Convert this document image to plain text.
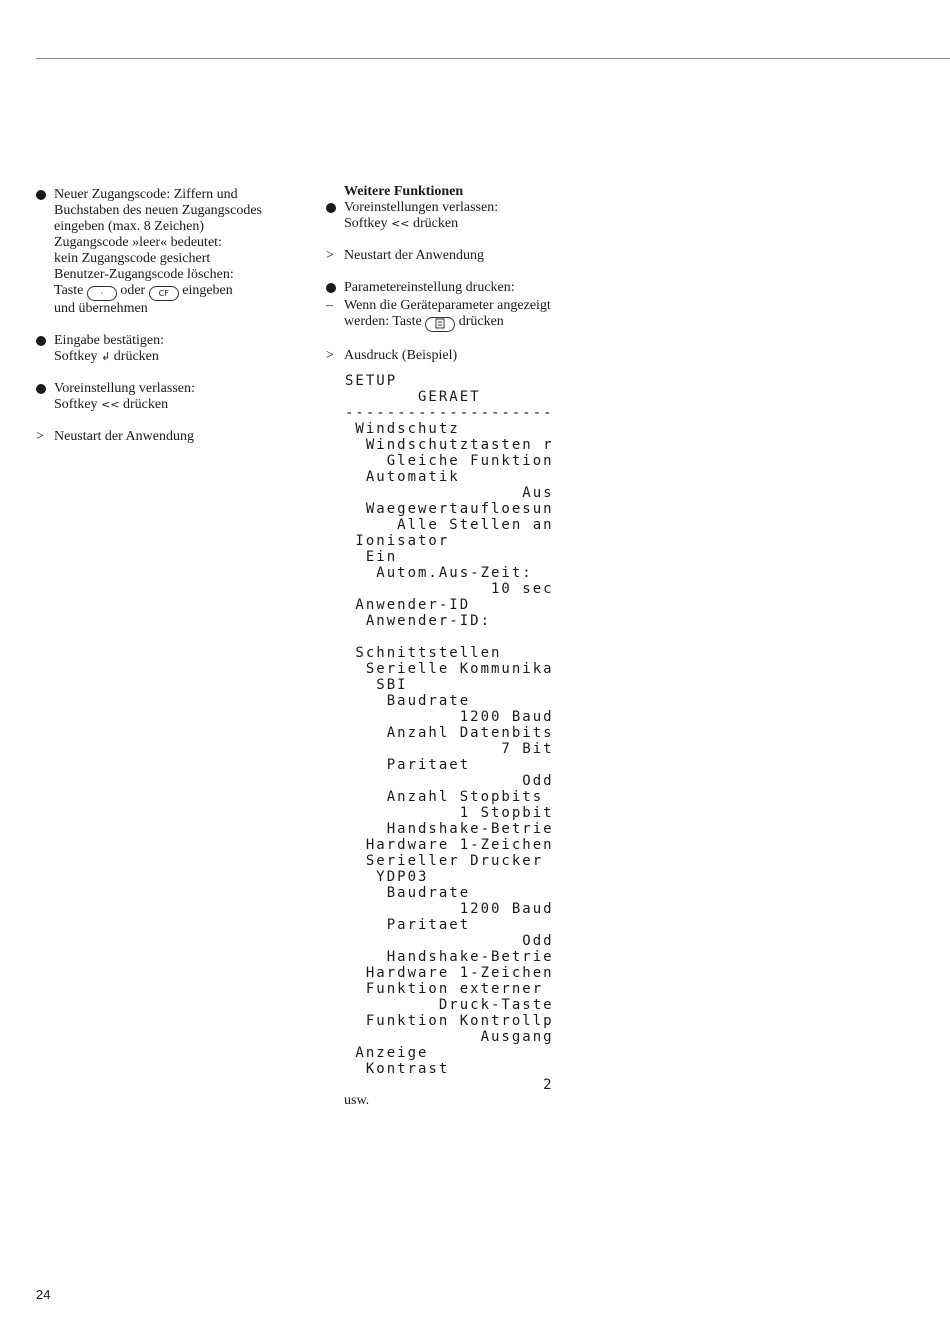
Neuer Zugangscode: Ziffern und
Buchstaben des neuen Zugangscodes
eingeben (max. 8 Zeichen)
Zugangscode »leer« bedeutet:
kein Zugangscode gesichert
Benutzer-Zugangscode löschen:
Taste · oder CF eingeben
und übernehmen
Eingabe bestätigen:
Softkey ↲ drücken
Voreinstellung verlassen:
Softkey << drücken
> Neustart der Anwendung
Weitere Funktionen
Voreinstellungen verlassen:
Softkey << drücken
> Neustart der Anwendung
Parametereinstellung drucken:
– Wenn die Geräteparameter angezeigt
werden: Taste	drücken
> Ausdruck (Beispiel)
SETUP
GERAET
--------------------
Windschutz
Windschutztasten r
Gleiche Funktion
Automatik
Aus
Waegewertaufloesun
Alle Stellen an
Ionisator
Ein
Autom.Aus-Zeit:
10 sec
Anwender-ID
Anwender-ID:

Schnittstellen
Serielle Kommunika
SBI
Baudrate
1200 Baud
Anzahl Datenbits
7 Bit
Paritaet
Odd
Anzahl Stopbits
1 Stopbit
Handshake-Betrie
Hardware 1-Zeichen
Serieller Drucker
YDP03
Baudrate
1200 Baud
Paritaet
Odd
Handshake-Betrie
Hardware 1-Zeichen
Funktion externer
Druck-Taste
Funktion Kontrollp
Ausgang
Anzeige
Kontrast
2
usw.
24
